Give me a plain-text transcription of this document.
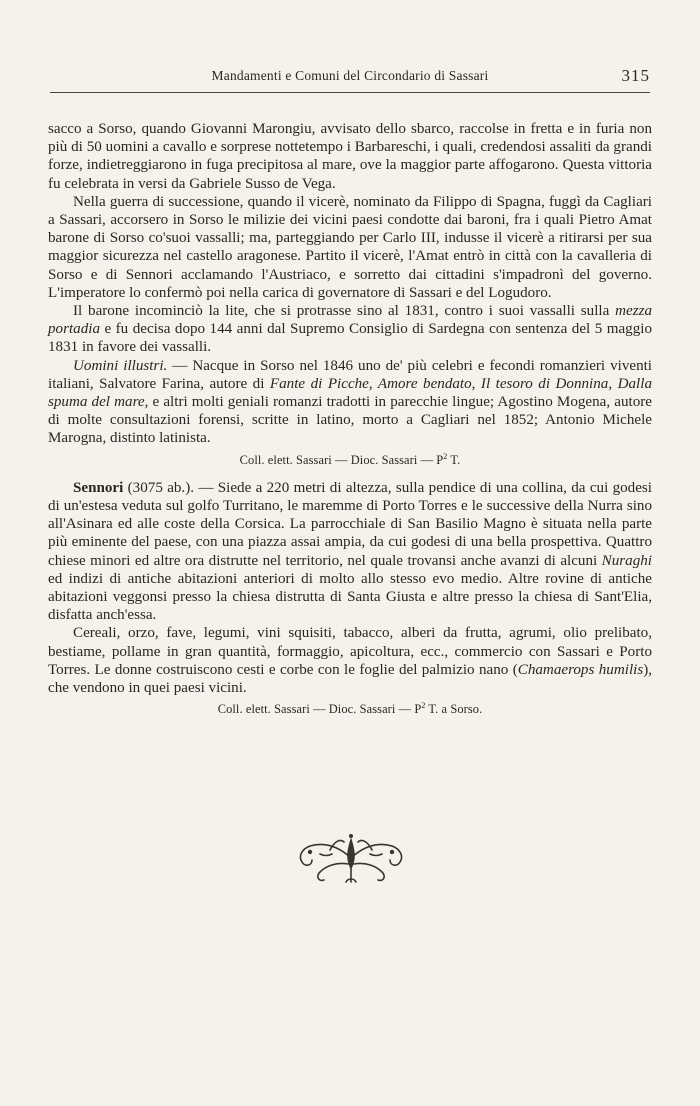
Mandamenti e Comuni del Circondario di Sassari	315

sacco a Sorso, quando Giovanni Marongiu, avvisato dello sbarco, raccolse in fretta e in furia non più di 50 uomini a cavallo e sorprese nottetempo i Barbareschi, i quali, credendosi assaliti da grandi forze, indietreggiarono in fuga precipitosa al mare, ove la maggior parte affogarono. Questa vittoria fu celebrata in versi da Gabriele Susso de Vega.

Nella guerra di successione, quando il vicerè, nominato da Filippo di Spagna, fuggì da Cagliari a Sassari, accorsero in Sorso le milizie dei vicini paesi condotte dai baroni, fra i quali Pietro Amat barone di Sorso co'suoi vassalli; ma, parteggiando per Carlo III, indusse il vicerè a ritirarsi per sua maggior sicurezza nel castello aragonese. Partito il vicerè, l'Amat entrò in città con la cavalleria di Sorso e di Sennori acclamando l'Austriaco, e sorretto dai cittadini s'impadronì del governo. L'imperatore lo confermò poi nella carica di governatore di Sassari e del Logudoro.

Il barone incominciò la lite, che si protrasse sino al 1831, contro i suoi vassalli sulla mezza portadia e fu decisa dopo 144 anni dal Supremo Consiglio di Sardegna con sentenza del 5 maggio 1831 in favore dei vassalli.

Uomini illustri. — Nacque in Sorso nel 1846 uno de' più celebri e fecondi romanzieri viventi italiani, Salvatore Farina, autore di Fante di Picche, Amore bendato, Il tesoro di Donnina, Dalla spuma del mare, e altri molti geniali romanzi tradotti in parecchie lingue; Agostino Mogena, autore di molte consultazioni forensi, scritte in latino, morto a Cagliari nel 1852; Antonio Michele Marogna, distinto latinista.

Coll. elett. Sassari — Dioc. Sassari — $P^2$ T.

Sennori (3075 ab.). — Siede a 220 metri di altezza, sulla pendice di una collina, da cui godesi di un'estesa veduta sul golfo Turritano, le maremme di Porto Torres e le successive della Nurra sino all'Asinara ed alle coste della Corsica. La parrocchiale di San Basilio Magno è situata nella parte più eminente del paese, con una piazza assai ampia, da cui godesi di una bella prospettiva. Quattro chiese minori ed altre ora distrutte nel territorio, nel quale trovansi anche avanzi di alcuni Nuraghi ed indizi di antiche abitazioni anteriori di molto allo stesso evo medio. Altre rovine di antiche abitazioni veggonsi presso la chiesa distrutta di Santa Giusta e altre presso la chiesa di Sant'Elia, disfatta anch'essa.

Cereali, orzo, fave, legumi, vini squisiti, tabacco, alberi da frutta, agrumi, olio prelibato, bestiame, pollame in gran quantità, formaggio, apicoltura, ecc., commercio con Sassari e Porto Torres. Le donne costruiscono cesti e corbe con le foglie del palmizio nano (Chamaerops humilis), che vendono in quei paesi vicini.

Coll. elett. Sassari — Dioc. Sassari — $P^2$ T. a Sorso.
